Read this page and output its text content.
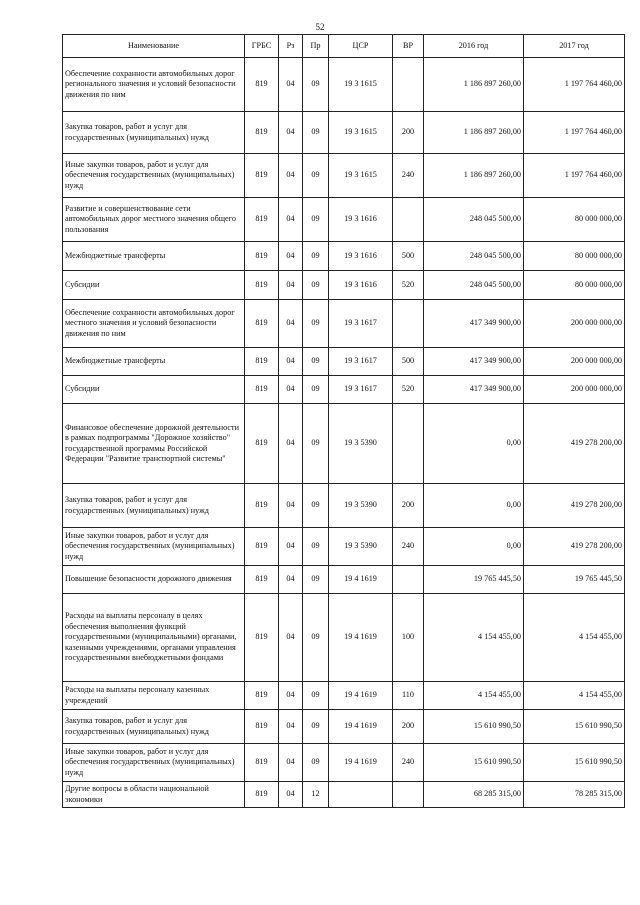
52
Наименование	ГРБС	Рз	Пр	ЦСР	ВР	2016 год	2017 год
Обеспечение сохранности автомобильных дорог регионального значения и условий безопасности движения по ним	819	04	09	19 3 1615		1 186 897 260,00	1 197 764 460,00
Закупка товаров, работ и услуг для государственных (муниципальных) нужд	819	04	09	19 3 1615	200	1 186 897 260,00	1 197 764 460,00
Иные закупки товаров, работ и услуг для обеспечения государственных (муниципальных) нужд	819	04	09	19 3 1615	240	1 186 897 260,00	1 197 764 460,00
Развитие и совершенствование сети автомобильных дорог местного значения общего пользования	819	04	09	19 3 1616		248 045 500,00	80 000 000,00
Межбюджетные трансферты	819	04	09	19 3 1616	500	248 045 500,00	80 000 000,00
Субсидии	819	04	09	19 3 1616	520	248 045 500,00	80 000 000,00
Обеспечение сохранности автомобильных дорог местного значения и условий безопасности движения по ним	819	04	09	19 3 1617		417 349 900,00	200 000 000,00
Межбюджетные трансферты	819	04	09	19 3 1617	500	417 349 900,00	200 000 000,00
Субсидии	819	04	09	19 3 1617	520	417 349 900,00	200 000 000,00
Финансовое обеспечение дорожной деятельности в рамках подпрограммы "Дорожное хозяйство" государственной программы Российской Федерации "Развитие транспортной системы"	819	04	09	19 3 5390		0,00	419 278 200,00
Закупка товаров, работ и услуг для государственных (муниципальных) нужд	819	04	09	19 3 5390	200	0,00	419 278 200,00
Иные закупки товаров, работ и услуг для обеспечения государственных (муниципальных) нужд	819	04	09	19 3 5390	240	0,00	419 278 200,00
Повышение безопасности дорожного движения	819	04	09	19 4 1619		19 765 445,50	19 765 445,50
Расходы на выплаты персоналу в целях обеспечения выполнения функций государственными (муниципальными) органами, казенными учреждениями, органами управления государственными внебюджетными фондами	819	04	09	19 4 1619	100	4 154 455,00	4 154 455,00
Расходы на выплаты персоналу казенных учреждений	819	04	09	19 4 1619	110	4 154 455,00	4 154 455,00
Закупка товаров, работ и услуг для государственных (муниципальных) нужд	819	04	09	19 4 1619	200	15 610 990,50	15 610 990,50
Иные закупки товаров, работ и услуг для обеспечения государственных (муниципальных) нужд	819	04	09	19 4 1619	240	15 610 990,50	15 610 990,50
Другие вопросы в области национальной экономики	819	04	12			68 285 315,00	78 285 315,00
